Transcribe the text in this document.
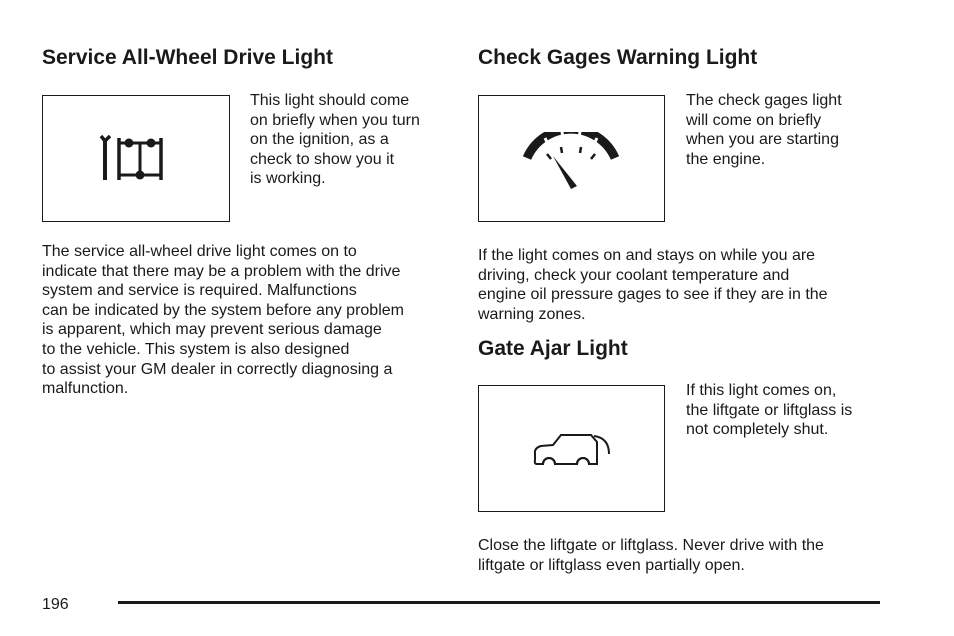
Service All-Wheel Drive Light
This light should come
on briefly when you turn
on the ignition, as a
check to show you it
is working.
The service all-wheel drive light comes on to
indicate that there may be a problem with the drive
system and service is required. Malfunctions
can be indicated by the system before any problem
is apparent, which may prevent serious damage
to the vehicle. This system is also designed
to assist your GM dealer in correctly diagnosing a
malfunction.
Check Gages Warning Light
The check gages light
will come on briefly
when you are starting
the engine.
If the light comes on and stays on while you are
driving, check your coolant temperature and
engine oil pressure gages to see if they are in the
warning zones.
Gate Ajar Light
If this light comes on,
the liftgate or liftglass is
not completely shut.
Close the liftgate or liftglass. Never drive with the
liftgate or liftglass even partially open.
196
